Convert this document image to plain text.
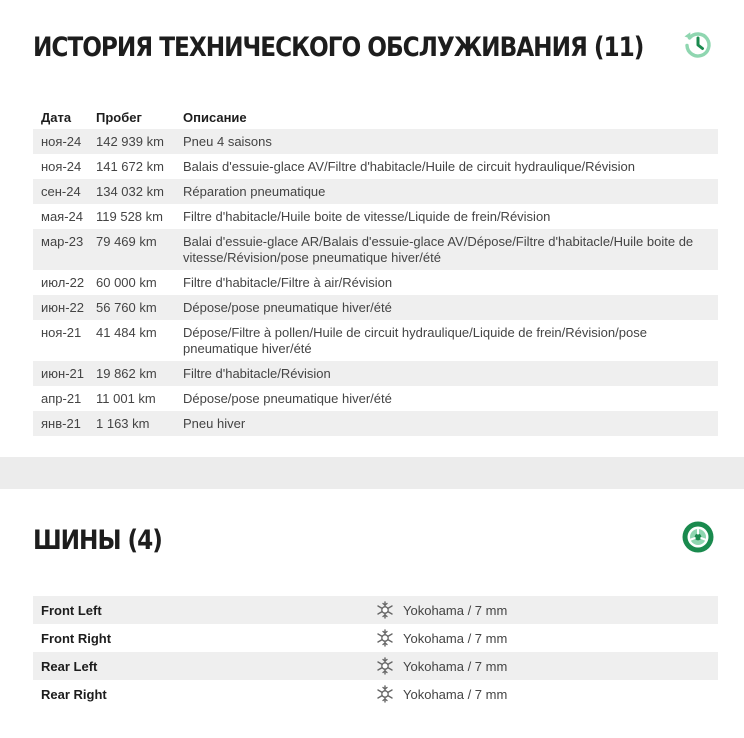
ИСТОРИЯ ТЕХНИЧЕСКОГО ОБСЛУЖИВАНИЯ (11)
Дата	Пробег	Описание
ноя-24	142 939 km	Pneu 4 saisons
ноя-24	141 672 km	Balais d'essuie-glace AV/Filtre d'habitacle/Huile de circuit hydraulique/Révision
сен-24	134 032 km	Réparation pneumatique
мая-24	119 528 km	Filtre d'habitacle/Huile boite de vitesse/Liquide de frein/Révision
мар-23 79 469 km	Balai d'essuie-glace AR/Balais d'essuie-glace AV/Dépose/Filtre d'habitacle/Huile boite de vitesse/Révision/pose pneumatique hiver/été
июл-22 60 000 km	Filtre d'habitacle/Filtre à air/Révision
июн-22 56 760 km	Dépose/pose pneumatique hiver/été
ноя-21	41 484 km	Dépose/Filtre à pollen/Huile de circuit hydraulique/Liquide de frein/Révision/pose pneumatique hiver/été
июн-21 19 862 km	Filtre d'habitacle/Révision
апр-21	11 001 km	Dépose/pose pneumatique hiver/été
янв-21	1 163 km	Pneu hiver
ШИНЫ (4)
Front Left	Yokohama / 7 mm
Front Right	Yokohama / 7 mm
Rear Left	Yokohama / 7 mm
Rear Right	Yokohama / 7 mm
